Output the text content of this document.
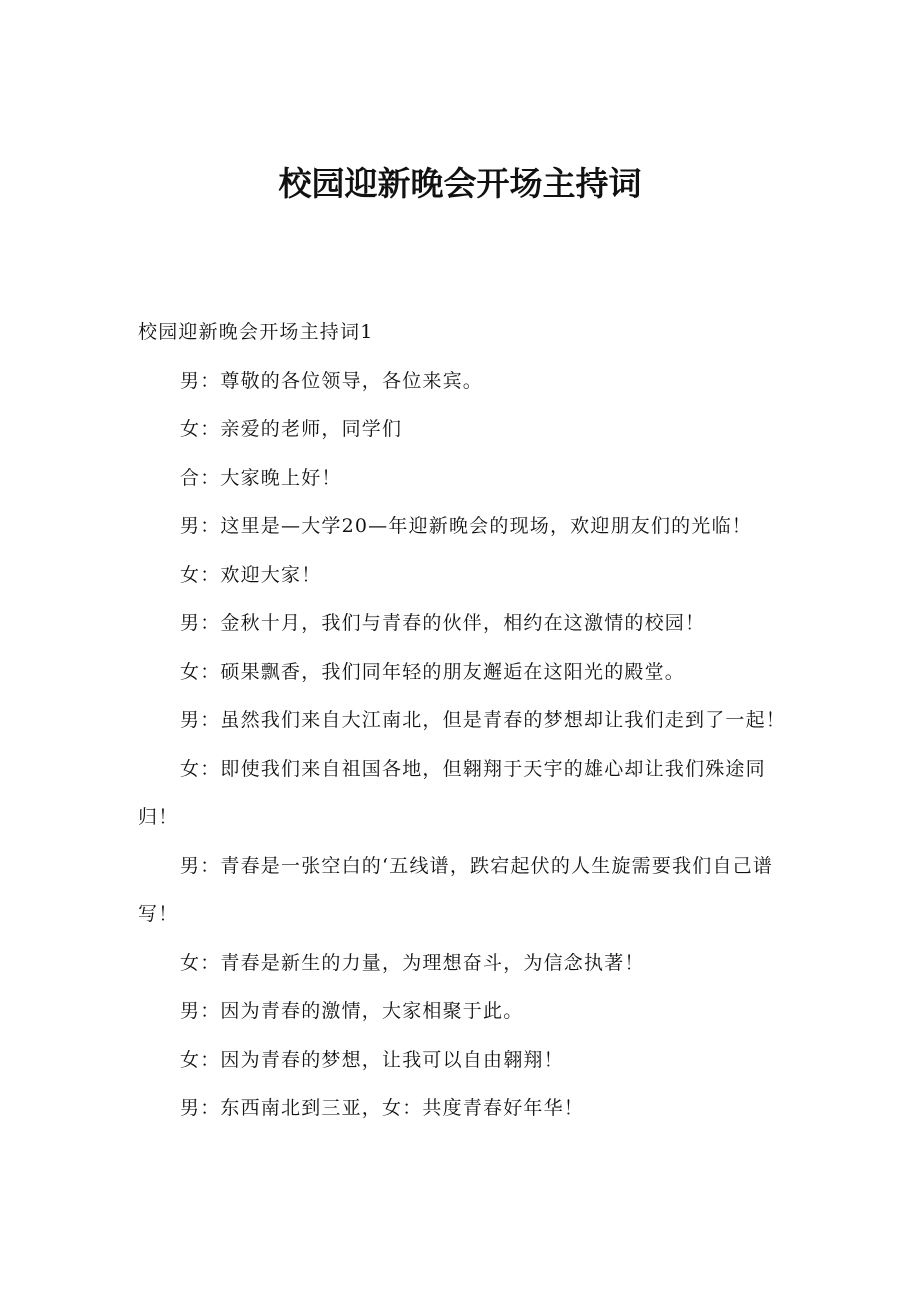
校园迎新晚会开场主持词

校园迎新晚会开场主持词1

男：尊敬的各位领导，各位来宾。

女：亲爱的老师，同学们

合：大家晚上好！

男：这里是—大学20—年迎新晚会的现场，欢迎朋友们的光临！

女：欢迎大家！

男：金秋十月，我们与青春的伙伴，相约在这激情的校园！

女：硕果飘香，我们同年轻的朋友邂逅在这阳光的殿堂。

男：虽然我们来自大江南北，但是青春的梦想却让我们走到了一起！

女：即使我们来自祖国各地，但翱翔于天宇的雄心却让我们殊途同归！

男：青春是一张空白的‘五线谱，跌宕起伏的人生旋需要我们自己谱写！

女：青春是新生的力量，为理想奋斗，为信念执著！

男：因为青春的激情，大家相聚于此。

女：因为青春的梦想，让我可以自由翱翔！

男：东西南北到三亚，女：共度青春好年华！
